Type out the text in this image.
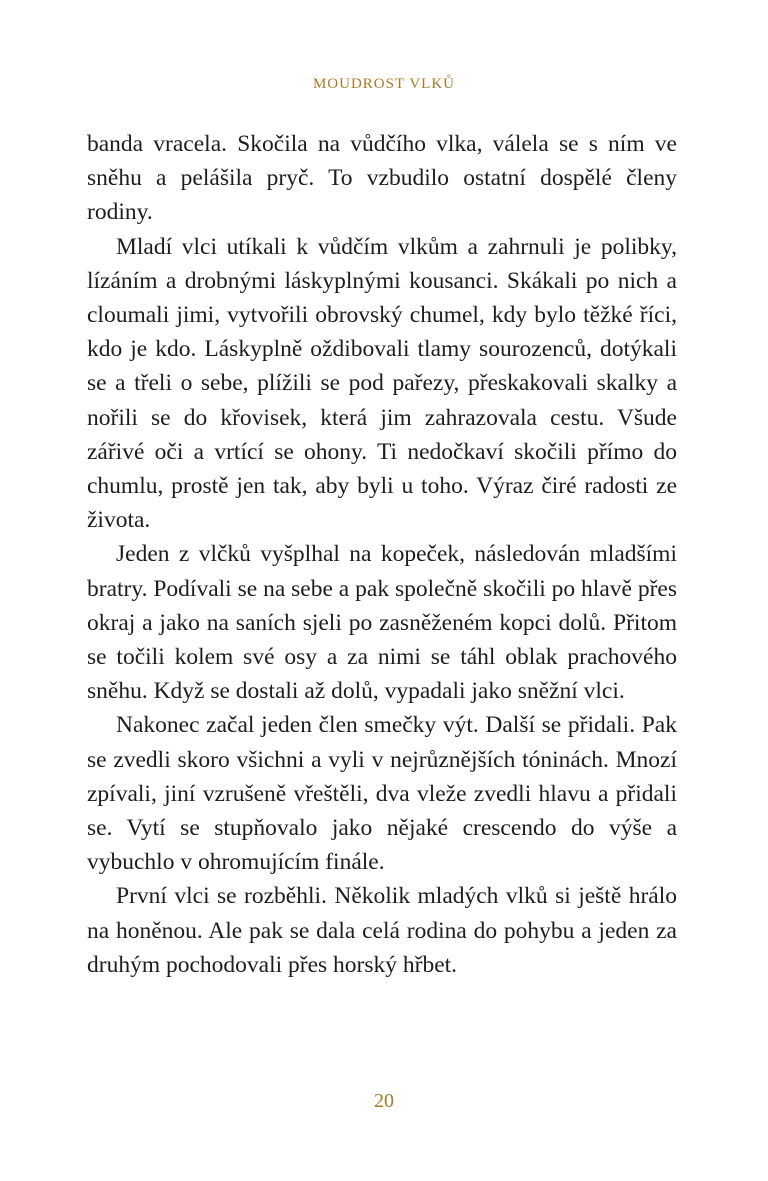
MOUDROST VLKŮ

banda vracela. Skočila na vůdčího vlka, válela se s ním ve sněhu a pelášila pryč. To vzbudilo ostatní dospělé členy rodiny.

Mladí vlci utíkali k vůdčím vlkům a zahrnuli je polibky, lízáním a drobnými láskyplnými kousanci. Skákali po nich a cloumali jimi, vytvořili obrovský chumel, kdy bylo těžké říci, kdo je kdo. Láskyplně oždibovali tlamy sourozenců, dotýkali se a třeli o sebe, plížili se pod pařezy, přeskakovali skalky a nořili se do křovisek, která jim zahrazovala cestu. Všude zářivé oči a vrtící se ohony. Ti nedočkaví skočili přímo do chumlu, prostě jen tak, aby byli u toho. Výraz čiré radosti ze života.

Jeden z vlčků vyšplhal na kopeček, následován mladšími bratry. Podívali se na sebe a pak společně skočili po hlavě přes okraj a jako na saních sjeli po zasněženém kopci dolů. Přitom se točili kolem své osy a za nimi se táhl oblak prachového sněhu. Když se dostali až dolů, vypadali jako sněžní vlci.

Nakonec začal jeden člen smečky výt. Další se přidali. Pak se zvedli skoro všichni a vyli v nejrůznějších tóninách. Mnozí zpívali, jiní vzrušeně vřeštěli, dva vleže zvedli hlavu a přidali se. Vytí se stupňovalo jako nějaké crescendo do výše a vybuchlo v ohromujícím finále.

První vlci se rozběhli. Několik mladých vlků si ještě hrálo na honěnou. Ale pak se dala celá rodina do pohybu a jeden za druhým pochodovali přes horský hřbet.

20
